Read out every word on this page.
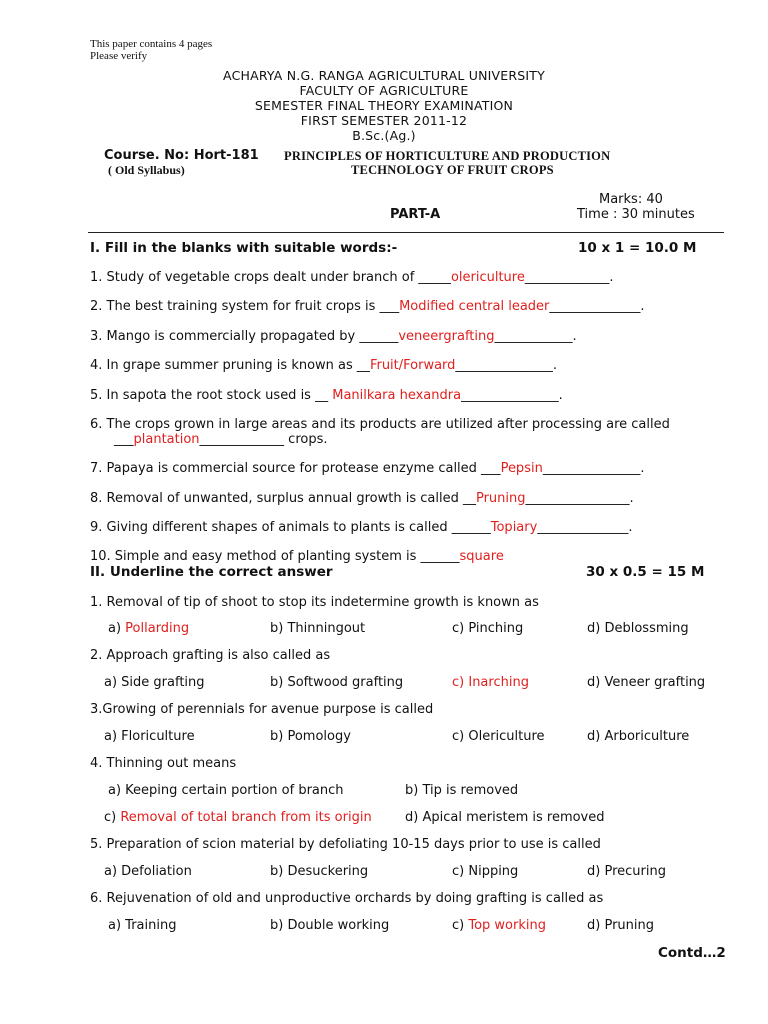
This paper contains 4 pages
Please verify
ACHARYA N.G. RANGA AGRICULTURAL UNIVERSITY
FACULTY OF AGRICULTURE
SEMESTER FINAL THEORY EXAMINATION
FIRST SEMESTER 2011-12
B.Sc.(Ag.)
Course. No: Hort-181
( Old Syllabus)
PRINCIPLES OF HORTICULTURE AND PRODUCTION
TECHNOLOGY OF FRUIT CROPS
Marks: 40
Time : 30 minutes
PART-A
I. Fill in the blanks with suitable words:-	10 x 1 = 10.0 M
1. Study of vegetable crops dealt under branch of _____olericulture_____________.
2. The best training system for fruit crops is ___Modified central leader______________.
3. Mango is commercially propagated by ______veneergrafting____________.
4. In grape summer pruning is known as __Fruit/Forward_______________.
5. In sapota the root stock used is __ Manilkara hexandra_______________.
6. The crops grown in large areas and its products are utilized after processing are called
___plantation_____________ crops.
7. Papaya is commercial source for protease enzyme called ___Pepsin_______________.
8. Removal of unwanted, surplus annual growth is called __Pruning________________.
9. Giving different shapes of animals to plants is called ______Topiary______________.
10. Simple and easy method of planting system is ______square
II. Underline the correct answer	30 x 0.5 = 15 M
1. Removal of tip of shoot to stop its indetermine growth is known as
a) Pollarding	b) Thinningout	c) Pinching	d) Deblossming
2. Approach grafting is also called as
a) Side grafting	b) Softwood grafting	c) Inarching	d) Veneer grafting
3.Growing of perennials for avenue purpose is called
a) Floriculture	b) Pomology	c) Olericulture	d) Arboriculture
4. Thinning out means
a) Keeping certain portion of branch	b) Tip is removed
c) Removal of total branch from its origin	d) Apical meristem is removed
5. Preparation of scion material by defoliating 10-15 days prior to use is called
a) Defoliation	b) Desuckering	c) Nipping	d) Precuring
6. Rejuvenation of old and unproductive orchards by doing grafting is called as
a) Training	b) Double working	c) Top working	d) Pruning
Contd…2
